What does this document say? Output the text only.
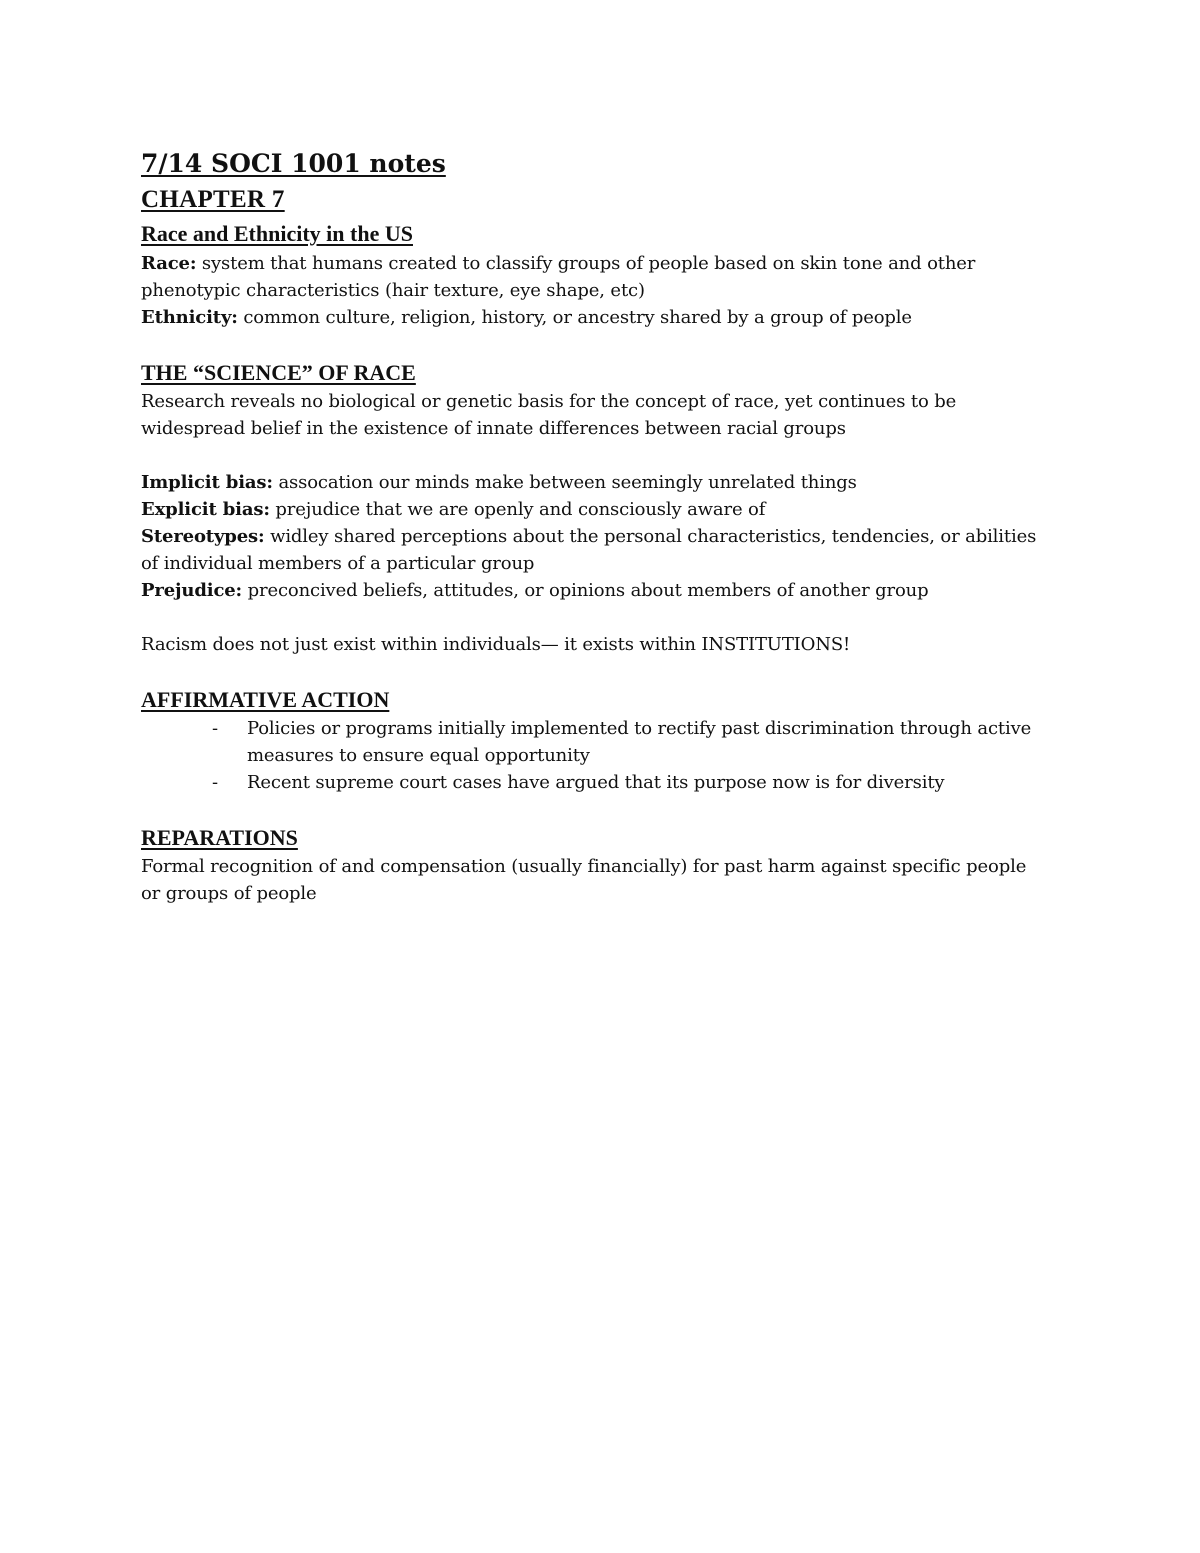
7/14 SOCI 1001 notes
CHAPTER 7
Race and Ethnicity in the US

Race: system that humans created to classify groups of people based on skin tone and other phenotypic characteristics (hair texture, eye shape, etc)

Ethnicity: common culture, religion, history, or ancestry shared by a group of people

THE “SCIENCE” OF RACE

Research reveals no biological or genetic basis for the concept of race, yet continues to be widespread belief in the existence of innate differences between racial groups

Implicit bias: assocation our minds make between seemingly unrelated things

Explicit bias: prejudice that we are openly and consciously aware of

Stereotypes: widley shared perceptions about the personal characteristics, tendencies, or abilities of individual members of a particular group

Prejudice: preconcived beliefs, attitudes, or opinions about members of another group

Racism does not just exist within individuals— it exists within INSTITUTIONS!

AFFIRMATIVE ACTION
- Policies or programs initially implemented to rectify past discrimination through active measures to ensure equal opportunity
- Recent supreme court cases have argued that its purpose now is for diversity
REPARATIONS

Formal recognition of and compensation (usually financially) for past harm against specific people or groups of people
